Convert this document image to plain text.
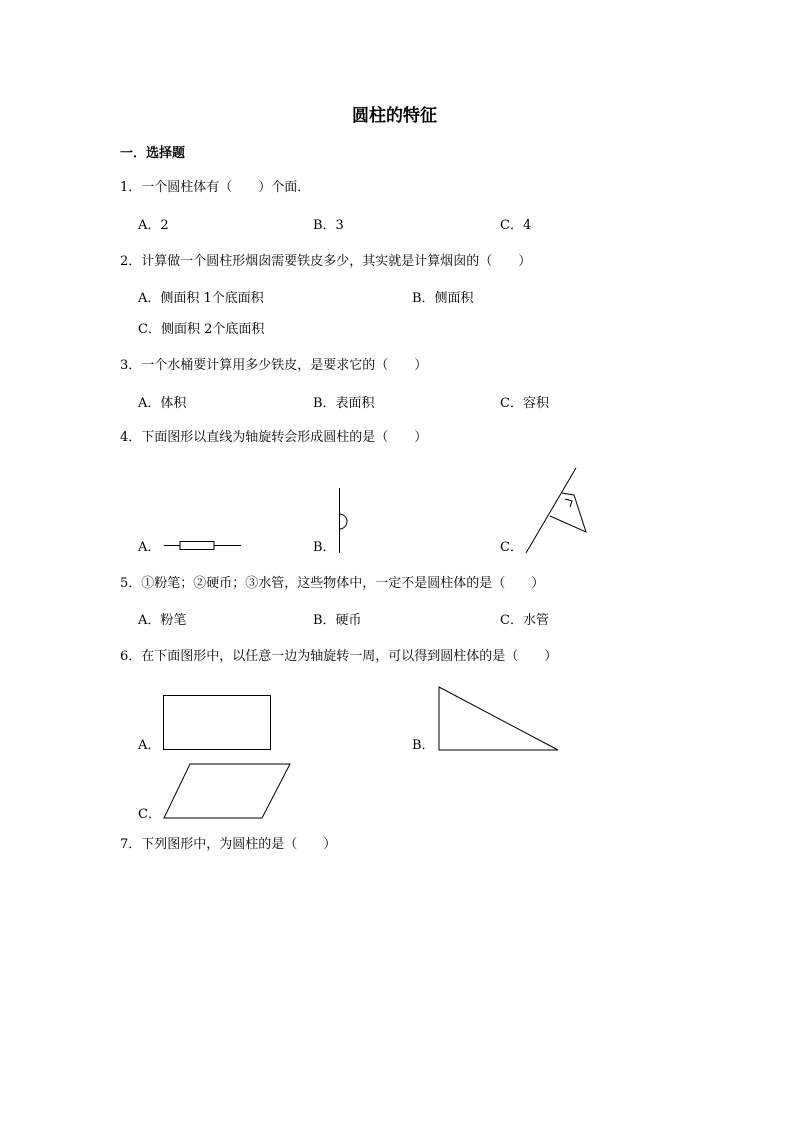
圆柱的特征
一．选择题
1．一个圆柱体有（　　）个面．
A．2	B．3	C．4
2．计算做一个圆柱形烟囱需要铁皮多少，其实就是计算烟囱的（　　）
A．侧面积 1个底面积	B．侧面积
C．侧面积 2个底面积
3．一个水桶要计算用多少铁皮，是要求它的（　　）
A．体积	B．表面积	C．容积
4．下面图形以直线为轴旋转会形成圆柱的是（　　）
A．	B．	C．
5．①粉笔；②硬币；③水管，这些物体中，一定不是圆柱体的是（　　）
A．粉笔	B．硬币	C．水管
6．在下面图形中，以任意一边为轴旋转一周，可以得到圆柱体的是（　　）
A．	B．
C．
7．下列图形中，为圆柱的是（　　）
